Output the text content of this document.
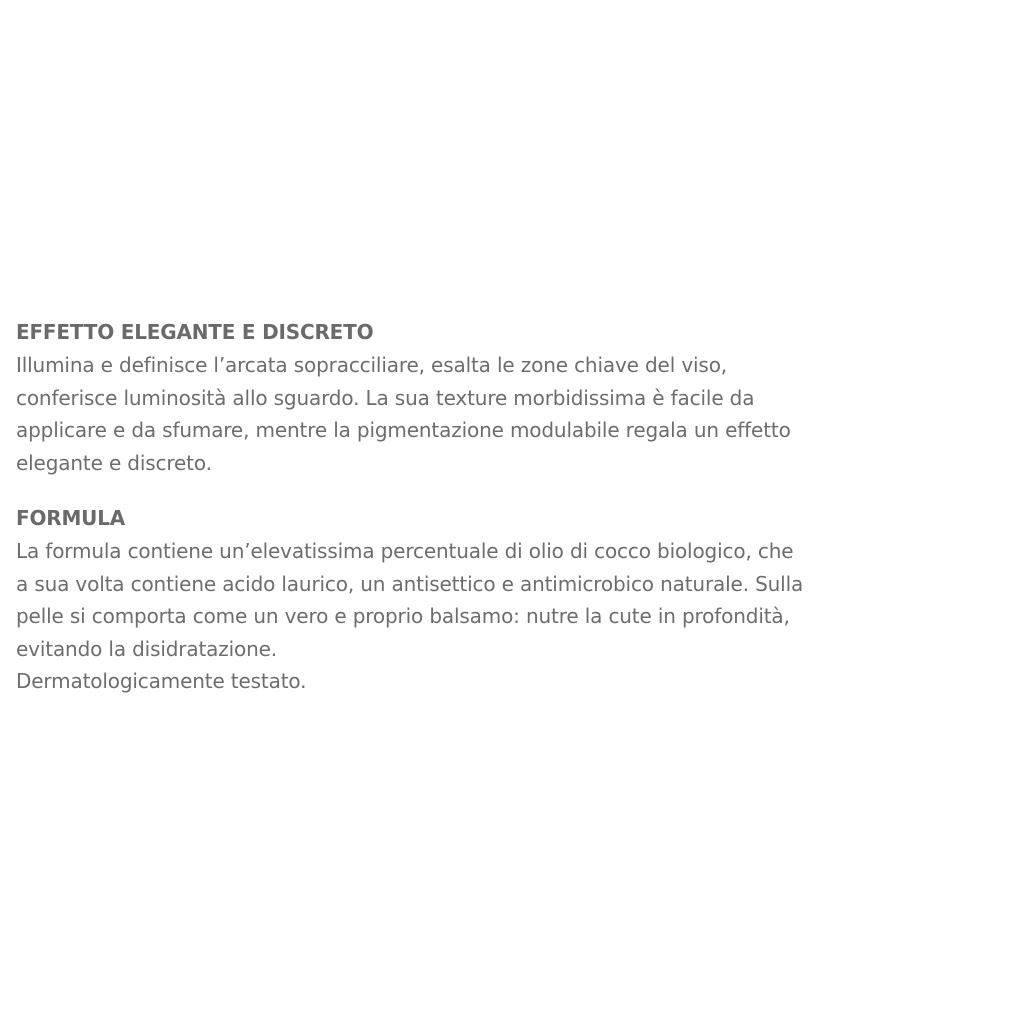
EFFETTO ELEGANTE E DISCRETO

Illumina e definisce l’arcata sopracciliare, esalta le zone chiave del viso,
conferisce luminosità allo sguardo. La sua texture morbidissima è facile da
applicare e da sfumare, mentre la pigmentazione modulabile regala un effetto
elegante e discreto.

FORMULA

La formula contiene un’elevatissima percentuale di olio di cocco biologico, che
a sua volta contiene acido laurico, un antisettico e antimicrobico naturale. Sulla
pelle si comporta come un vero e proprio balsamo: nutre la cute in profondità,
evitando la disidratazione.
Dermatologicamente testato.
